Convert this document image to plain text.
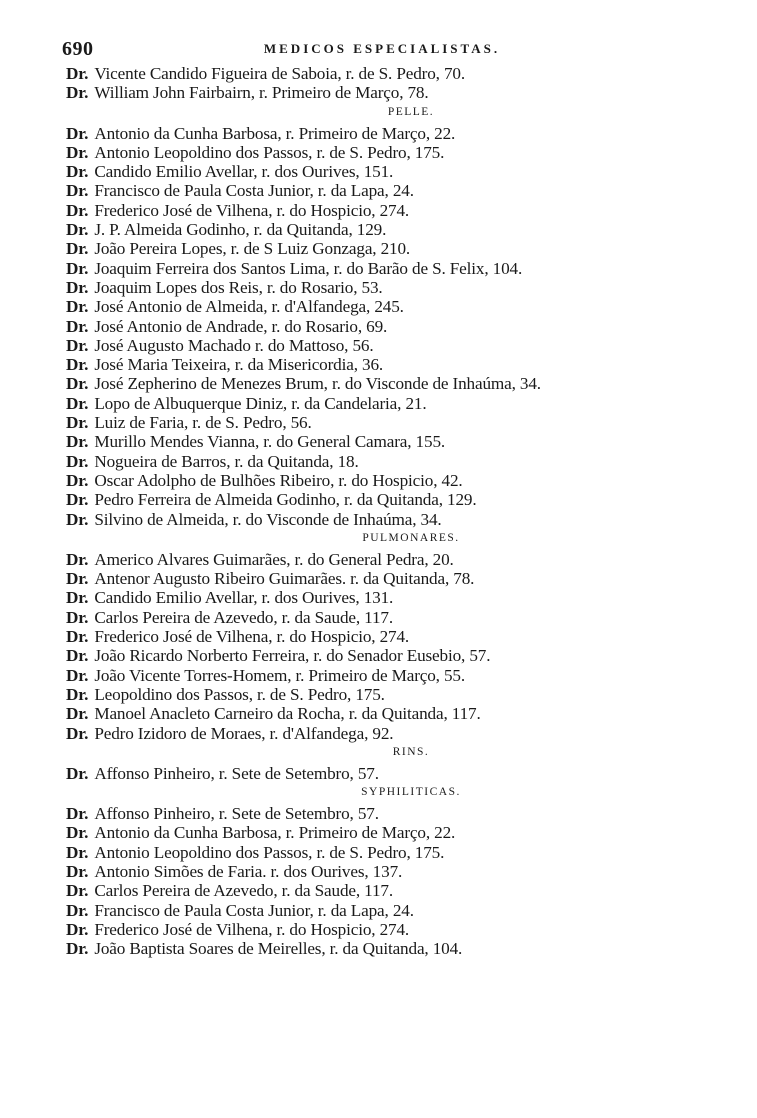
690	MEDICOS ESPECIALISTAS.
Dr. Vicente Candido Figueira de Saboia, r. de S. Pedro, 70.
Dr. William John Fairbairn, r. Primeiro de Março, 78.
PELLE.
Dr. Antonio da Cunha Barbosa, r. Primeiro de Março, 22.
Dr. Antonio Leopoldino dos Passos, r. de S. Pedro, 175.
Dr. Candido Emilio Avellar, r. dos Ourives, 151.
Dr. Francisco de Paula Costa Junior, r. da Lapa, 24.
Dr. Frederico José de Vilhena, r. do Hospicio, 274.
Dr. J. P. Almeida Godinho, r. da Quitanda, 129.
Dr. João Pereira Lopes, r. de S Luiz Gonzaga, 210.
Dr. Joaquim Ferreira dos Santos Lima, r. do Barão de S. Felix, 104.
Dr. Joaquim Lopes dos Reis, r. do Rosario, 53.
Dr. José Antonio de Almeida, r. d'Alfandega, 245.
Dr. José Antonio de Andrade, r. do Rosario, 69.
Dr. José Augusto Machado r. do Mattoso, 56.
Dr. José Maria Teixeira, r. da Misericordia, 36.
Dr. José Zepherino de Menezes Brum, r. do Visconde de Inhaúma, 34.
Dr. Lopo de Albuquerque Diniz, r. da Candelaria, 21.
Dr. Luiz de Faria, r. de S. Pedro, 56.
Dr. Murillo Mendes Vianna, r. do General Camara, 155.
Dr. Nogueira de Barros, r. da Quitanda, 18.
Dr. Oscar Adolpho de Bulhões Ribeiro, r. do Hospicio, 42.
Dr. Pedro Ferreira de Almeida Godinho, r. da Quitanda, 129.
Dr. Silvino de Almeida, r. do Visconde de Inhaúma, 34.
PULMONARES.
Dr. Americo Alvares Guimarães, r. do General Pedra, 20.
Dr. Antenor Augusto Ribeiro Guimarães. r. da Quitanda, 78.
Dr. Candido Emilio Avellar, r. dos Ourives, 131.
Dr. Carlos Pereira de Azevedo, r. da Saude, 117.
Dr. Frederico José de Vilhena, r. do Hospicio, 274.
Dr. João Ricardo Norberto Ferreira, r. do Senador Eusebio, 57.
Dr. João Vicente Torres-Homem, r. Primeiro de Março, 55.
Dr. Leopoldino dos Passos, r. de S. Pedro, 175.
Dr. Manoel Anacleto Carneiro da Rocha, r. da Quitanda, 117.
Dr. Pedro Izidoro de Moraes, r. d'Alfandega, 92.
RINS.
Dr. Affonso Pinheiro, r. Sete de Setembro, 57.
SYPHILITICAS.
Dr. Affonso Pinheiro, r. Sete de Setembro, 57.
Dr. Antonio da Cunha Barbosa, r. Primeiro de Março, 22.
Dr. Antonio Leopoldino dos Passos, r. de S. Pedro, 175.
Dr. Antonio Simões de Faria. r. dos Ourives, 137.
Dr. Carlos Pereira de Azevedo, r. da Saude, 117.
Dr. Francisco de Paula Costa Junior, r. da Lapa, 24.
Dr. Frederico José de Vilhena, r. do Hospicio, 274.
Dr. João Baptista Soares de Meirelles, r. da Quitanda, 104.
